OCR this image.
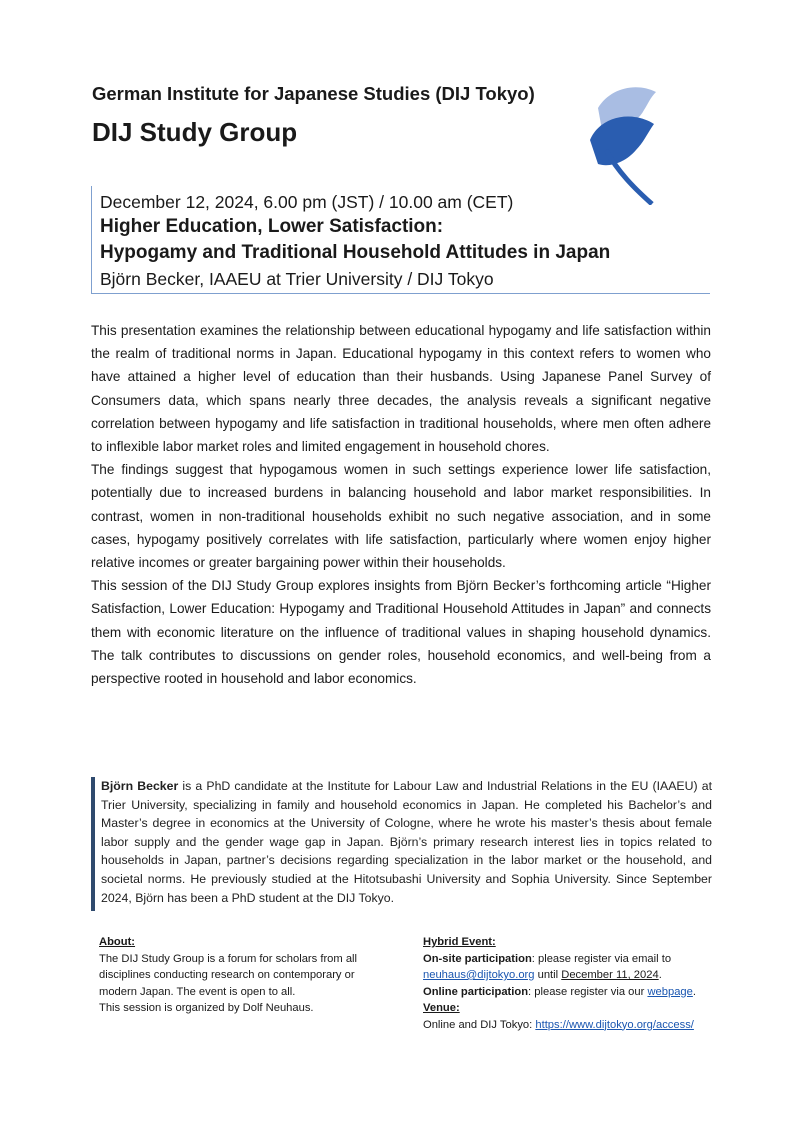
German Institute for Japanese Studies (DIJ Tokyo)

DIJ Study Group

December 12, 2024, 6.00 pm (JST) / 10.00 am (CET)
Higher Education, Lower Satisfaction:
Hypogamy and Traditional Household Attitudes in Japan
Björn Becker, IAAEU at Trier University / DIJ Tokyo

This presentation examines the relationship between educational hypogamy and life satisfaction within the realm of traditional norms in Japan. Educational hypogamy in this context refers to women who have attained a higher level of education than their husbands. Using Japanese Panel Survey of Consumers data, which spans nearly three decades, the analysis reveals a significant negative correlation between hypogamy and life satisfaction in traditional households, where men often adhere to inflexible labor market roles and limited engagement in household chores.

The findings suggest that hypogamous women in such settings experience lower life satisfaction, potentially due to increased burdens in balancing household and labor market responsibilities. In contrast, women in non-traditional households exhibit no such negative association, and in some cases, hypogamy positively correlates with life satisfaction, particularly where women enjoy higher relative incomes or greater bargaining power within their households.

This session of the DIJ Study Group explores insights from Björn Becker’s forthcoming article “Higher Satisfaction, Lower Education: Hypogamy and Traditional Household Attitudes in Japan” and connects them with economic literature on the influence of traditional values in shaping household dynamics. The talk contributes to discussions on gender roles, household economics, and well-being from a perspective rooted in household and labor economics.

Björn Becker is a PhD candidate at the Institute for Labour Law and Industrial Relations in the EU (IAAEU) at Trier University, specializing in family and household economics in Japan. He completed his Bachelor’s and Master’s degree in economics at the University of Cologne, where he wrote his master’s thesis about female labor supply and the gender wage gap in Japan. Björn’s primary research interest lies in topics related to households in Japan, partner’s decisions regarding specialization in the labor market or the household, and societal norms. He previously studied at the Hitotsubashi University and Sophia University. Since September 2024, Björn has been a PhD student at the DIJ Tokyo.
About:
The DIJ Study Group is a forum for scholars from all disciplines conducting research on contemporary or modern Japan. The event is open to all.
This session is organized by Dolf Neuhaus.
Hybrid Event:
On-site participation: please register via email to
neuhaus@dijtokyo.org until December 11, 2024.
Online participation: please register via our webpage.
Venue:
Online and DIJ Tokyo: https://www.dijtokyo.org/access/
